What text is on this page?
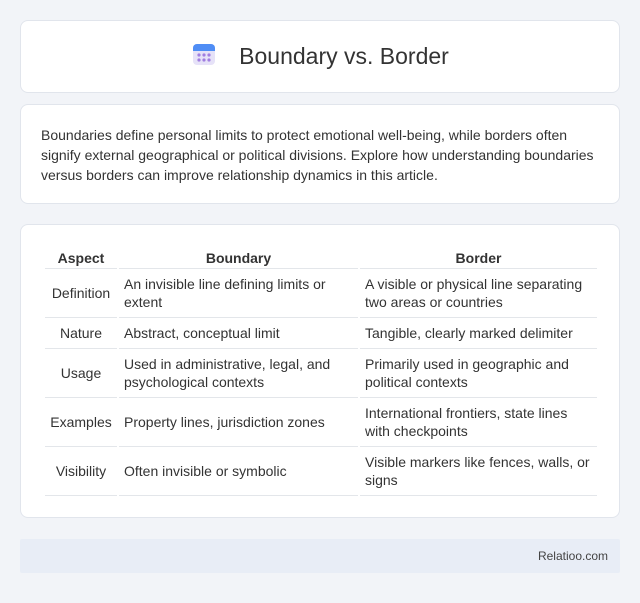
Boundary vs. Border

Boundaries define personal limits to protect emotional well-being, while borders often signify external geographical or political divisions. Explore how understanding boundaries versus borders can improve relationship dynamics in this article.

Aspect	Boundary	Border
Definition	An invisible line defining limits or extent	A visible or physical line separating two areas or countries
Nature	Abstract, conceptual limit	Tangible, clearly marked delimiter
Usage	Used in administrative, legal, and psychological contexts	Primarily used in geographic and political contexts
Examples	Property lines, jurisdiction zones	International frontiers, state lines with checkpoints
Visibility	Often invisible or symbolic	Visible markers like fences, walls, or signs
Relatioo.com
